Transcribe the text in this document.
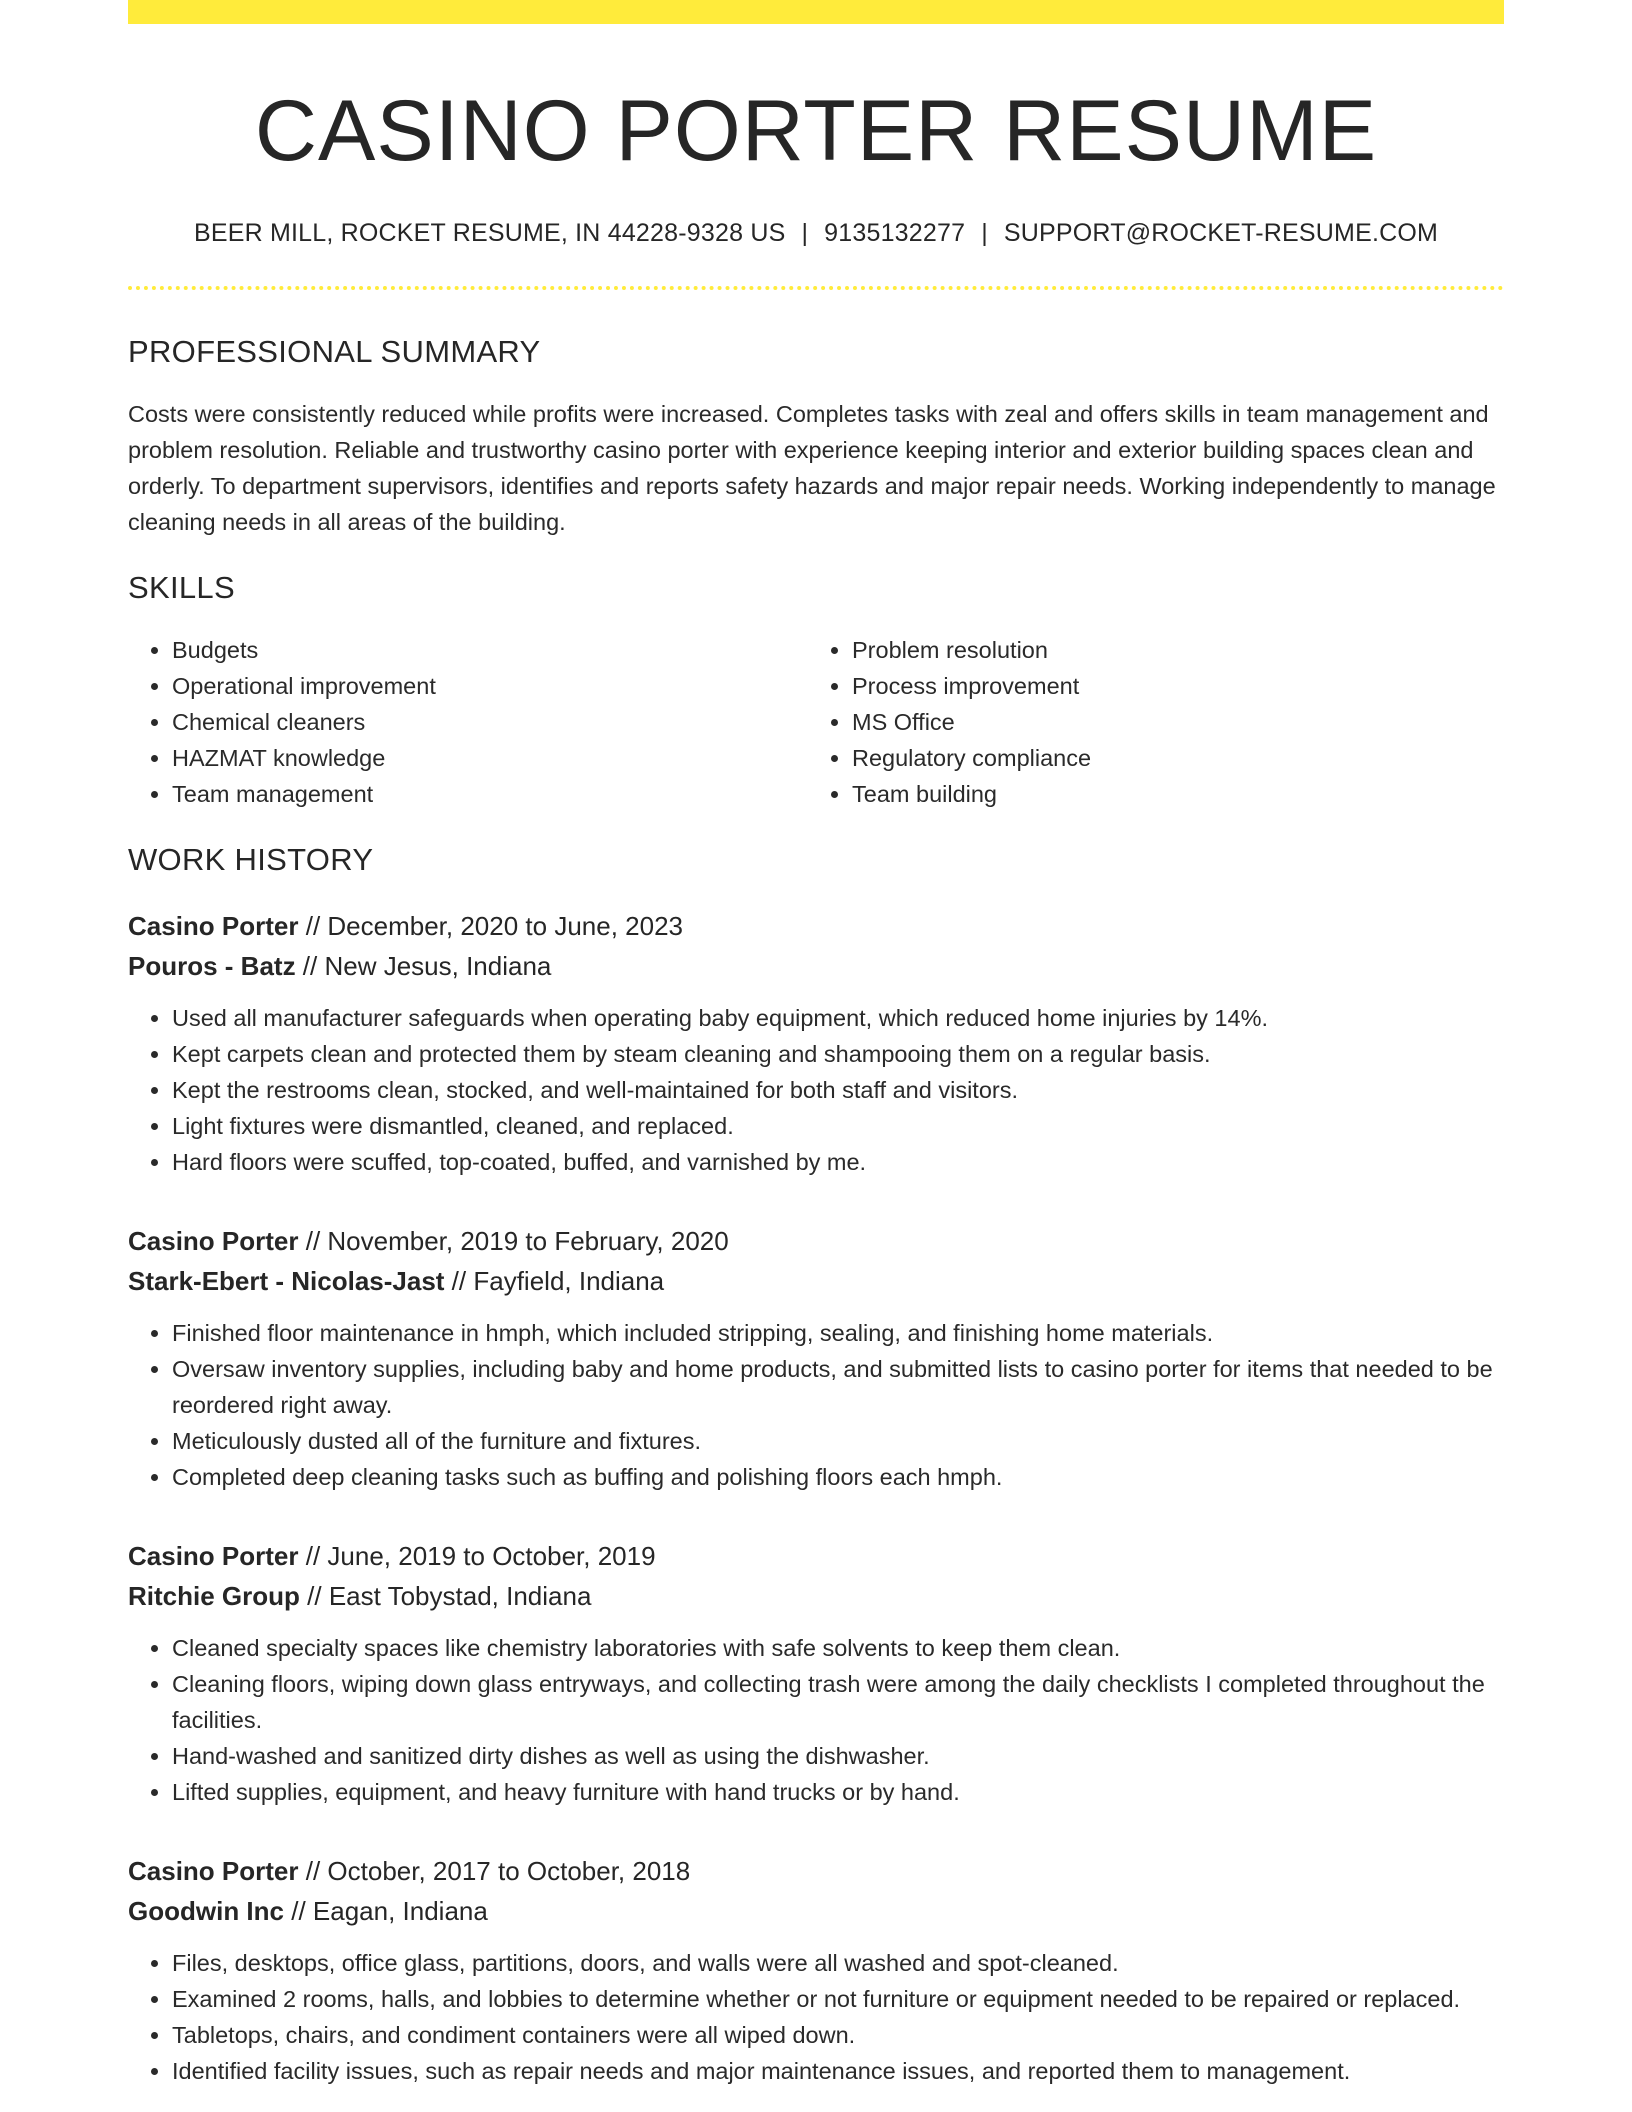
CASINO PORTER RESUME
BEER MILL, ROCKET RESUME, IN 44228-9328 US | 9135132277 | SUPPORT@ROCKET-RESUME.COM
PROFESSIONAL SUMMARY

Costs were consistently reduced while profits were increased. Completes tasks with zeal and offers skills in team management and problem resolution. Reliable and trustworthy casino porter with experience keeping interior and exterior building spaces clean and orderly. To department supervisors, identifies and reports safety hazards and major repair needs. Working independently to manage cleaning needs in all areas of the building.

SKILLS
• Budgets
• Operational improvement
• Chemical cleaners
• HAZMAT knowledge
• Team management
• Problem resolution
• Process improvement
• MS Office
• Regulatory compliance
• Team building
WORK HISTORY
Casino Porter // December, 2020 to June, 2023
Pouros - Batz // New Jesus, Indiana
• Used all manufacturer safeguards when operating baby equipment, which reduced home injuries by 14%.
• Kept carpets clean and protected them by steam cleaning and shampooing them on a regular basis.
• Kept the restrooms clean, stocked, and well-maintained for both staff and visitors.
• Light fixtures were dismantled, cleaned, and replaced.
• Hard floors were scuffed, top-coated, buffed, and varnished by me.
Casino Porter // November, 2019 to February, 2020
Stark-Ebert - Nicolas-Jast // Fayfield, Indiana
• Finished floor maintenance in hmph, which included stripping, sealing, and finishing home materials.
• Oversaw inventory supplies, including baby and home products, and submitted lists to casino porter for items that needed to be reordered right away.
• Meticulously dusted all of the furniture and fixtures.
• Completed deep cleaning tasks such as buffing and polishing floors each hmph.
Casino Porter // June, 2019 to October, 2019
Ritchie Group // East Tobystad, Indiana
• Cleaned specialty spaces like chemistry laboratories with safe solvents to keep them clean.
• Cleaning floors, wiping down glass entryways, and collecting trash were among the daily checklists I completed throughout the facilities.
• Hand-washed and sanitized dirty dishes as well as using the dishwasher.
• Lifted supplies, equipment, and heavy furniture with hand trucks or by hand.
Casino Porter // October, 2017 to October, 2018
Goodwin Inc // Eagan, Indiana
• Files, desktops, office glass, partitions, doors, and walls were all washed and spot-cleaned.
• Examined 2 rooms, halls, and lobbies to determine whether or not furniture or equipment needed to be repaired or replaced.
• Tabletops, chairs, and condiment containers were all wiped down.
• Identified facility issues, such as repair needs and major maintenance issues, and reported them to management.
